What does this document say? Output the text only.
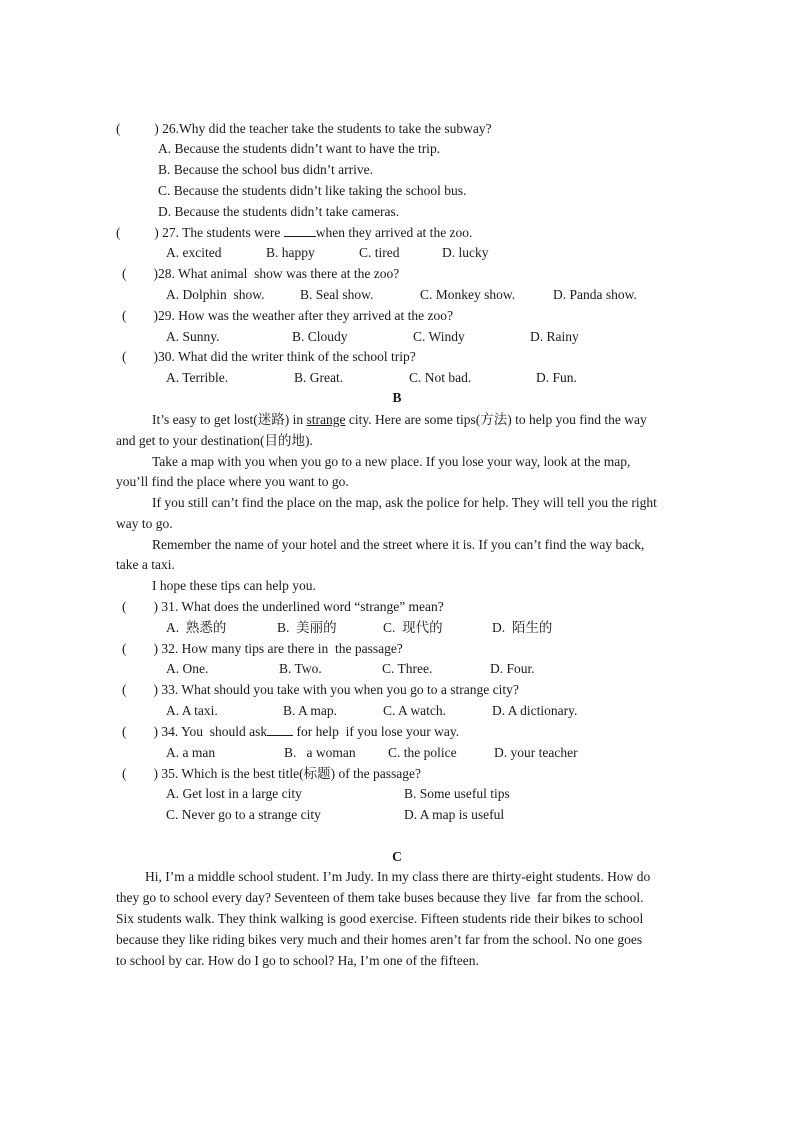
(	) 26.Why did the teacher take the students to take the subway?
A. Because the students didn’t want to have the trip.
B. Because the school bus didn’t arrive.
C. Because the students didn’t like taking the school bus.
D. Because the students didn’t take cameras.
(	) 27. The students were when they arrived at the zoo.
A. excited	B. happy	C. tired	D. lucky
( )28. What animal  show was there at the zoo?
A. Dolphin  show.	B. Seal show.	C. Monkey show.	D. Panda show.
( )29. How was the weather after they arrived at the zoo?
A. Sunny.	B. Cloudy	C. Windy	D. Rainy
( )30. What did the writer think of the school trip?
A. Terrible.	B. Great.	C. Not bad.	D. Fun.
B
It’s easy to get lost(迷路) in strange city. Here are some tips(方法) to help you find the way
and get to your destination(目的地).
Take a map with you when you go to a new place. If you lose your way, look at the map,
you’ll find the place where you want to go.
If you still can’t find the place on the map, ask the police for help. They will tell you the right
way to go.
Remember the name of your hotel and the street where it is. If you can’t find the way back,
take a taxi.
I hope these tips can help you.
( ) 31. What does the underlined word “strange” mean?
A.  熟悉的	B.  美丽的	C.  现代的	D.  陌生的
( ) 32. How many tips are there in  the passage?
A. One.	B. Two.	C. Three.	D. Four.
( ) 33. What should you take with you when you go to a strange city?
A. A taxi.	B. A map.	C. A watch.	D. A dictionary.
( ) 34. You  should ask for help  if you lose your way.
A. a man	B.   a woman C. the police	D. your teacher
( ) 35. Which is the best title(标题) of the passage?
A. Get lost in a large city	B. Some useful tips
C. Never go to a strange city	D. A map is useful
C
Hi, I’m a middle school student. I’m Judy. In my class there are thirty-eight students. How do
they go to school every day? Seventeen of them take buses because they live  far from the school.
Six students walk. They think walking is good exercise. Fifteen students ride their bikes to school
because they like riding bikes very much and their homes aren’t far from the school. No one goes
to school by car. How do I go to school? Ha, I’m one of the fifteen.
